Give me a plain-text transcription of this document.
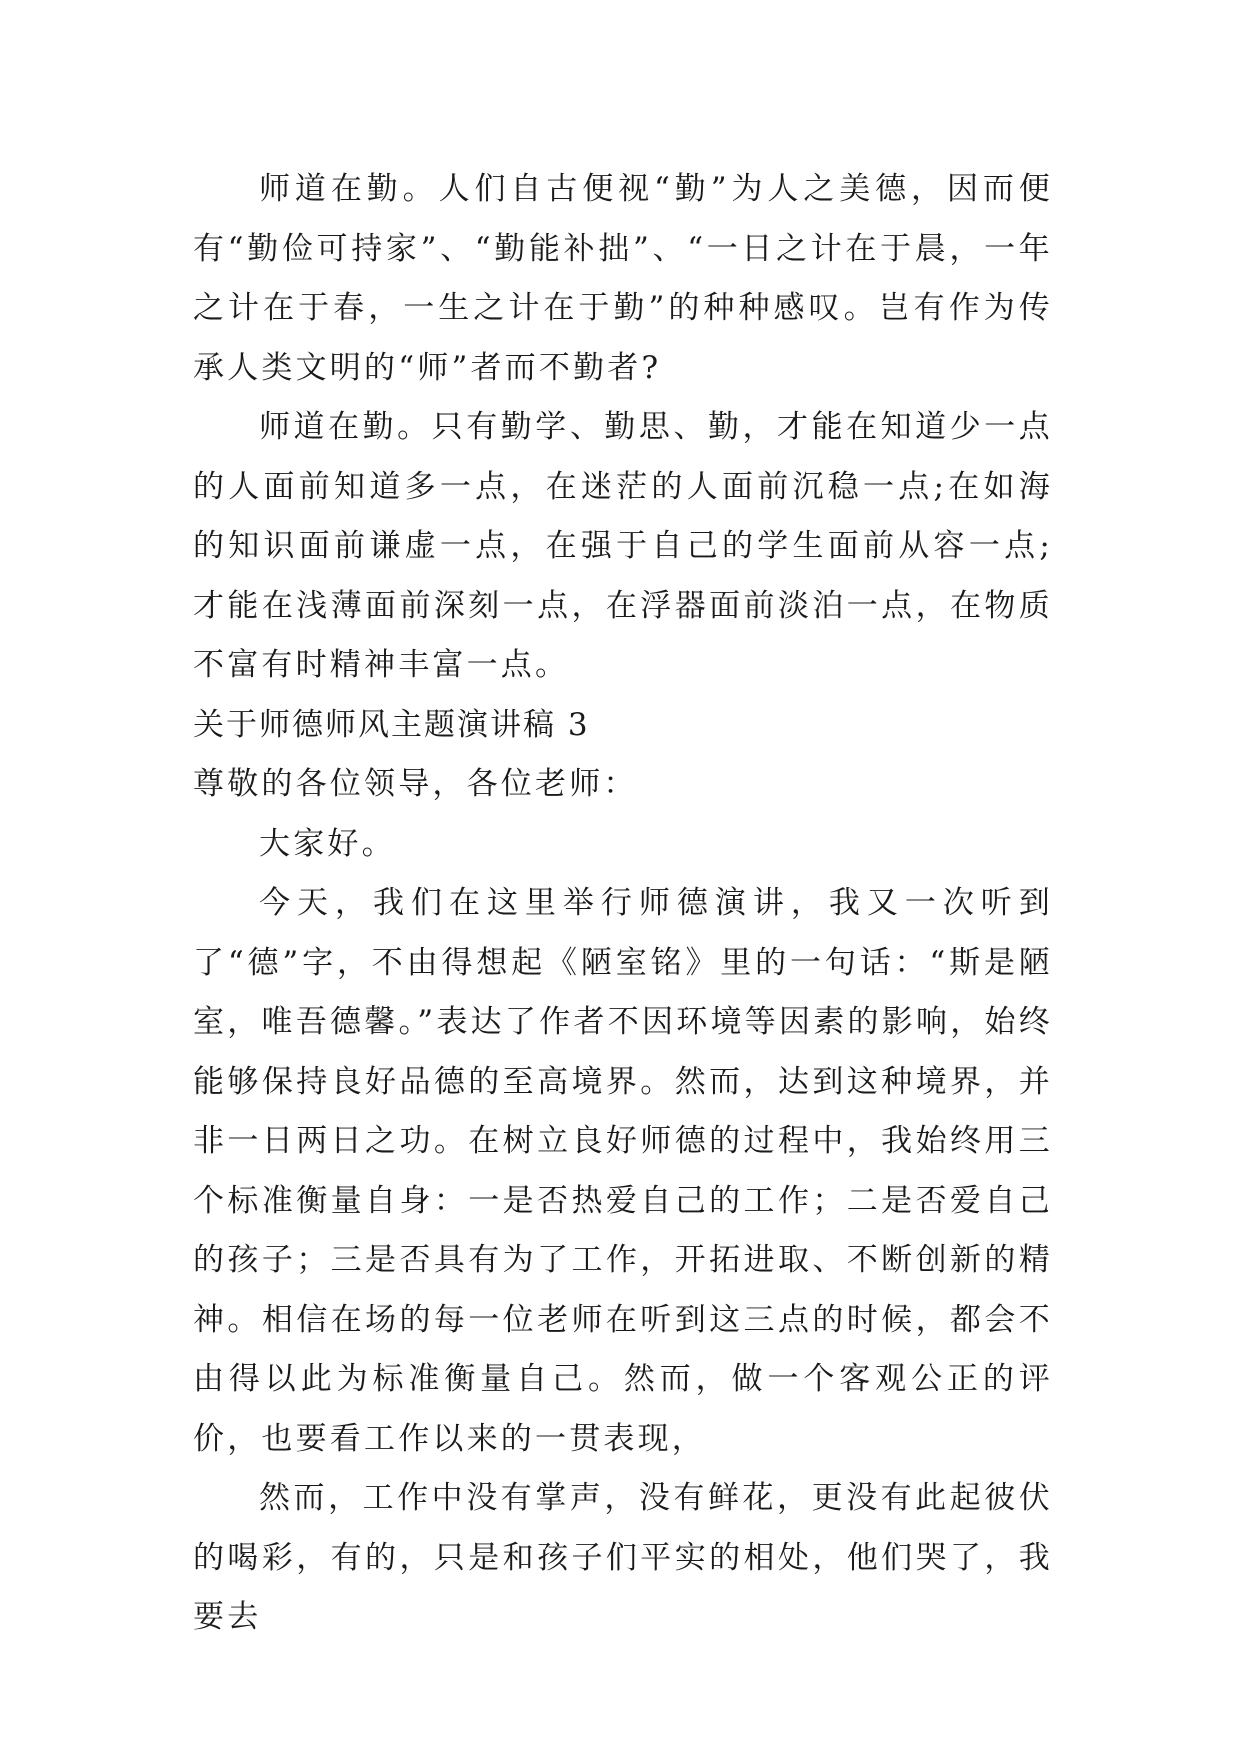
师道在勤。人们自古便视“勤”为人之美德，因而便有“勤俭可持家”、“勤能补拙”、“一日之计在于晨，一年之计在于春，一生之计在于勤”的种种感叹。岂有作为传承人类文明的“师”者而不勤者?

师道在勤。只有勤学、勤思、勤，才能在知道少一点的人面前知道多一点，在迷茫的人面前沉稳一点;在如海的知识面前谦虚一点，在强于自己的学生面前从容一点;才能在浅薄面前深刻一点，在浮器面前淡泊一点，在物质不富有时精神丰富一点。

关于师德师风主题演讲稿 3

尊敬的各位领导，各位老师：

大家好。

今天，我们在这里举行师德演讲，我又一次听到了“德”字，不由得想起《陋室铭》里的一句话：“斯是陋室，唯吾德馨。”表达了作者不因环境等因素的影响，始终能够保持良好品德的至高境界。然而，达到这种境界，并非一日两日之功。在树立良好师德的过程中，我始终用三个标准衡量自身：一是否热爱自己的工作；二是否爱自己的孩子；三是否具有为了工作，开拓进取、不断创新的精神。相信在场的每一位老师在听到这三点的时候，都会不由得以此为标准衡量自己。然而，做一个客观公正的评价，也要看工作以来的一贯表现，

然而，工作中没有掌声，没有鲜花，更没有此起彼伏的喝彩，有的，只是和孩子们平实的相处，他们哭了，我要去
